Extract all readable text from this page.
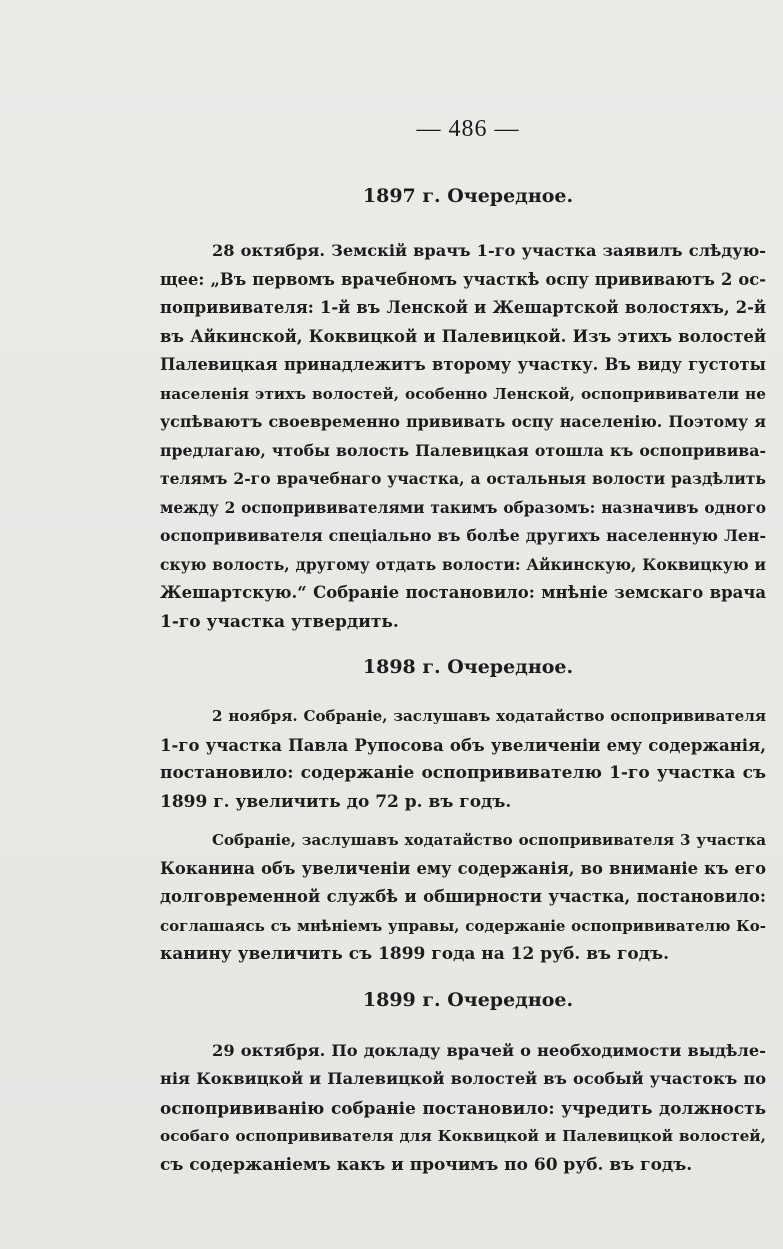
— 486 —
1897 г. Очередное.
28 октября. Земскій врачъ 1-го участка заявилъ слѣдую-
щее: „Въ первомъ врачебномъ участкѣ оспу прививаютъ 2 ос-
попрививателя: 1-й въ Ленской и Жешартской волостяхъ, 2-й
въ Айкинской, Коквицкой и Палевицкой. Изъ этихъ волостей
Палевицкая принадлежитъ второму участку. Въ виду густоты
населенія этихъ волостей, особенно Ленской, оспопрививатели не
успѣваютъ своевременно прививать оспу населенію. Поэтому я
предлагаю, чтобы волость Палевицкая отошла къ оспопривива-
телямъ 2-го врачебнаго участка, а остальныя волости раздѣлить
между 2 оспопрививателями такимъ образомъ: назначивъ одного
оспопрививателя спеціально въ болѣе другихъ населенную Лен-
скую волость, другому отдать волости: Айкинскую, Коквицкую и
Жешартскую.“ Собраніе постановило: мнѣніе земскаго врача
1-го участка утвердить.
1898 г. Очередное.
2 ноября. Собраніе, заслушавъ ходатайство оспопрививателя
1-го участка Павла Рупосова объ увеличеніи ему содержанія,
постановило: содержаніе оспопрививателю 1-го участка съ
1899 г. увеличить до 72 р. въ годъ.
Собраніе, заслушавъ ходатайство оспопрививателя 3 участка
Коканина объ увеличеніи ему содержанія, во вниманіе къ его
долговременной службѣ и обширности участка, постановило:
соглашаясь съ мнѣніемъ управы, содержаніе оспопрививателю Ко-
канину увеличить съ 1899 года на 12 руб. въ годъ.
1899 г. Очередное.
29 октября. По докладу врачей о необходимости выдѣле-
нія Коквицкой и Палевицкой волостей въ особый участокъ по
оспопрививанію собраніе постановило: учредить должность
особаго оспопрививателя для Коквицкой и Палевицкой волостей,
съ содержаніемъ какъ и прочимъ по 60 руб. въ годъ.
